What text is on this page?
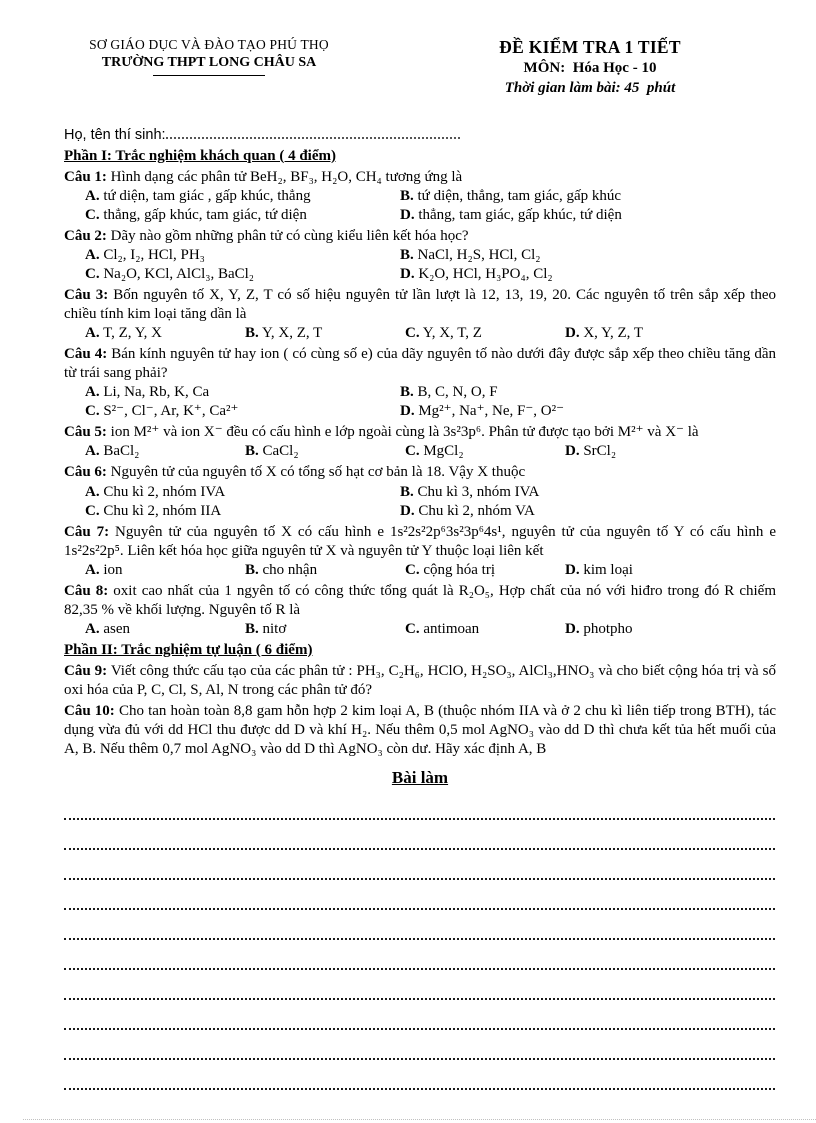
SƠ GIÁO DỤC VÀ ĐÀO TẠO PHÚ THỌ
TRƯỜNG THPT LONG CHÂU SA
ĐỀ KIỂM TRA 1 TIẾT
MÔN:  Hóa Học - 10
Thời gian làm bài: 45  phút
Họ, tên thí sinh:

Phần I: Trắc nghiệm khách quan ( 4 điểm)

Câu 1: Hình dạng các phân tử BeH₂, BF₃, H₂O, CH₄ tương ứng là

A. tứ diện, tam giác , gấp khúc, thẳng	B. tứ diện, thẳng, tam giác, gấp khúc
C. thẳng, gấp khúc, tam giác, tứ diện	D. thẳng, tam giác, gấp khúc, tứ diện

Câu 2: Dãy nào gồm những phân tử có cùng kiểu liên kết hóa học?

A. Cl₂, I₂, HCl, PH₃	B. NaCl, H₂S, HCl, Cl₂
C. Na₂O, KCl, AlCl₃, BaCl₂	D. K₂O, HCl, H₃PO₄, Cl₂

Câu 3: Bốn nguyên tố X, Y, Z, T có số hiệu nguyên tử lần lượt là 12, 13, 19, 20. Các nguyên tố trên sắp xếp theo chiều tính kim loại tăng dần là

A. T, Z, Y, X	B. Y, X, Z, T	C. Y, X, T, Z	D. X, Y, Z, T

Câu 4: Bán kính nguyên tử hay ion ( có cùng số e) của dãy nguyên tố nào dưới đây được sắp xếp theo chiều tăng dần từ trái sang phải?

A. Li, Na, Rb, K, Ca	B. B, C, N, O, F
C. S²⁻, Cl⁻, Ar, K⁺, Ca²⁺	D. Mg²⁺, Na⁺, Ne, F⁻, O²⁻

Câu 5: ion M²⁺ và ion X⁻ đều có cấu hình e lớp ngoài cùng là 3s²3p⁶. Phân tử được tạo bởi M²⁺ và X⁻ là

A. BaCl₂	B. CaCl₂	C. MgCl₂	D. SrCl₂

Câu 6: Nguyên tử của nguyên tố X có tổng số hạt cơ bản là 18. Vậy X thuộc

A. Chu kì 2, nhóm IVA	B. Chu kì 3, nhóm IVA
C. Chu kì 2, nhóm IIA	D. Chu kì 2, nhóm VA

Câu 7: Nguyên tử của nguyên tố X có cấu hình e 1s²2s²2p⁶3s²3p⁶4s¹, nguyên tử của nguyên tố Y có cấu hình e 1s²2s²2p⁵. Liên kết hóa học giữa nguyên tử X và nguyên tử Y thuộc loại liên kết

A. ion	B. cho nhận	C. cộng hóa trị	D. kim loại

Câu 8: oxit cao nhất của 1 ngyên tố có công thức tổng quát là R₂O₅, Hợp chất của nó với hiđro trong đó R chiếm 82,35 % về khối lượng. Nguyên tố R là

A. asen	B. nitơ	C. antimoan	D. photpho

Phần II: Trắc nghiệm tự luận ( 6 điểm)

Câu 9: Viết công thức cấu tạo của các phân tử : PH₃, C₂H₆, HClO, H₂SO₃, AlCl₃,HNO₃ và cho biết cộng hóa trị và số oxi hóa của P, C, Cl, S, Al, N trong các phân tử đó?

Câu 10: Cho tan hoàn toàn 8,8 gam hỗn hợp 2 kim loại A, B (thuộc nhóm IIA và ở 2 chu kì liên tiếp trong BTH), tác dụng vừa đủ với dd HCl thu được dd D và khí H₂. Nếu thêm 0,5 mol AgNO₃ vào dd D thì chưa kết tủa hết muối của A, B. Nếu thêm 0,7 mol AgNO₃ vào dd D thì AgNO₃ còn dư. Hãy xác định A, B

Bài làm
